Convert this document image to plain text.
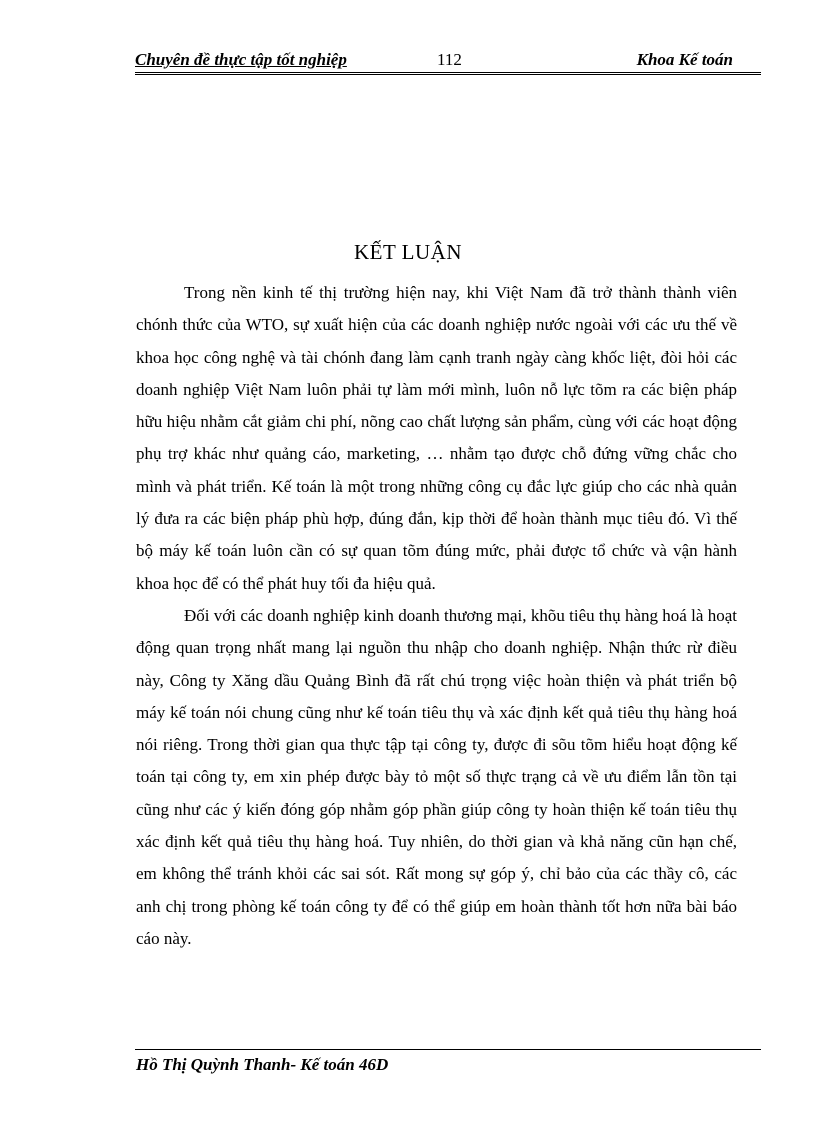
Chuyên đề thực tập tốt nghiệp	112	Khoa Kế toán
KẾT LUẬN

Trong nền kinh tế thị trường hiện nay, khi Việt Nam đã trở thành thành viên chónh thức của WTO, sự xuất hiện của các doanh nghiệp nước ngoài với các ưu thế về khoa học công nghệ và tài chónh đang làm cạnh tranh ngày càng khốc liệt, đòi hỏi các doanh nghiệp Việt Nam luôn phải tự làm mới mình, luôn nỗ lực tõm ra các biện pháp hữu hiệu nhằm cắt giảm chi phí, nõng cao chất lượng sản phẩm, cùng với các hoạt động phụ trợ khác như quảng cáo, marketing, … nhằm tạo được chỗ đứng vững chắc cho mình và phát triển. Kế toán là một trong những công cụ đắc lực giúp cho các nhà quản lý đưa ra các biện pháp phù hợp, đúng đắn, kịp thời để hoàn thành mục tiêu đó. Vì thế bộ máy kế toán luôn cần có sự quan tõm đúng mức, phải được tổ chức và vận hành khoa học để có thể phát huy tối đa hiệu quả.

Đối với các doanh nghiệp kinh doanh thương mại, khõu tiêu thụ hàng hoá là hoạt động quan trọng nhất mang lại nguồn thu nhập cho doanh nghiệp. Nhận thức rừ điều này, Công ty Xăng dầu Quảng Bình đã rất chú trọng việc hoàn thiện và phát triển bộ máy kế toán nói chung cũng như kế toán tiêu thụ và xác định kết quả tiêu thụ hàng hoá nói riêng. Trong thời gian qua thực tập tại công ty, được đi sõu tõm hiểu hoạt động kế toán tại công ty, em xin phép được bày tỏ một số thực trạng cả về ưu điểm lẫn tồn tại cũng như các ý kiến đóng góp nhằm góp phần giúp công ty hoàn thiện kế toán tiêu thụ xác định kết quả tiêu thụ hàng hoá. Tuy nhiên, do thời gian và khả năng cũn hạn chế, em không thể tránh khỏi các sai sót. Rất mong sự góp ý, chỉ bảo của các thầy cô, các anh chị trong phòng kế toán công ty để có thể giúp em hoàn thành tốt hơn nữa bài báo cáo này.

Hồ Thị Quỳnh Thanh- Kế toán 46D
